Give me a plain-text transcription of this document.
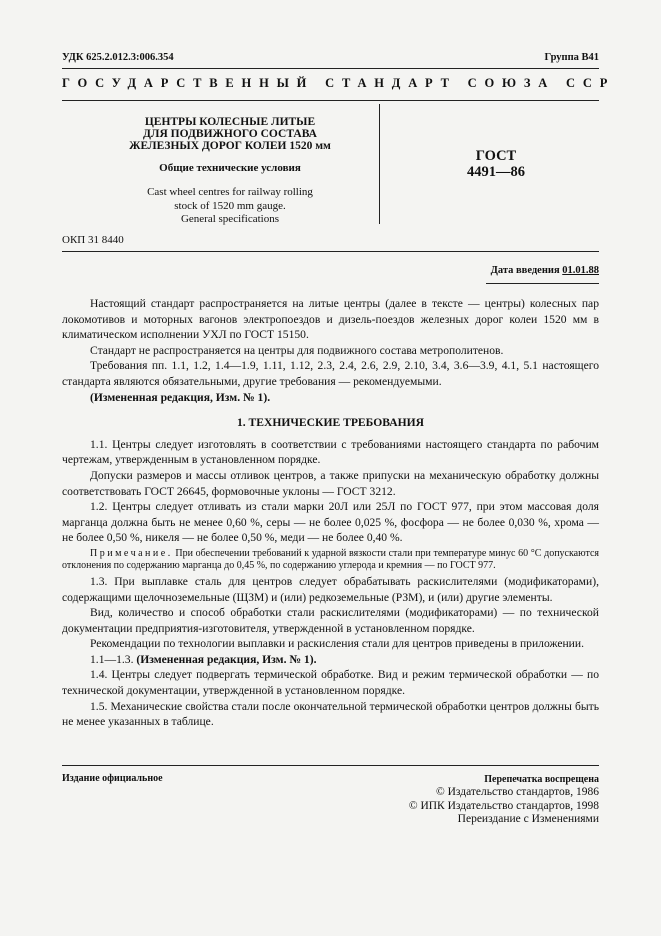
УДК 625.2.012.3:006.354	Группа В41
ГОСУДАРСТВЕННЫЙ СТАНДАРТ СОЮЗА ССР
ЦЕНТРЫ КОЛЕСНЫЕ ЛИТЫЕ
ДЛЯ ПОДВИЖНОГО СОСТАВА
ЖЕЛЕЗНЫХ ДОРОГ КОЛЕИ 1520 мм
Общие технические условия
Cast wheel centres for railway rolling
stock of 1520 mm gauge.
General specifications
ГОСТ
4491—86
ОКП 31 8440
Дата введения 01.01.88

Настоящий стандарт распространяется на литые центры (далее в тексте — центры) колесных пар локомотивов и моторных вагонов электропоездов и дизель-поездов железных дорог колеи 1520 мм в климатическом исполнении УХЛ по ГОСТ 15150.

Стандарт не распространяется на центры для подвижного состава метрополитенов.

Требования пп. 1.1, 1.2, 1.4—1.9, 1.11, 1.12, 2.3, 2.4, 2.6, 2.9, 2.10, 3.4, 3.6—3.9, 4.1, 5.1 настоящего стандарта являются обязательными, другие требования — рекомендуемыми.

(Измененная редакция, Изм. № 1).

1. ТЕХНИЧЕСКИЕ ТРЕБОВАНИЯ

1.1. Центры следует изготовлять в соответствии с требованиями настоящего стандарта по рабочим чертежам, утвержденным в установленном порядке.

Допуски размеров и массы отливок центров, а также припуски на механическую обработку должны соответствовать ГОСТ 26645, формовочные уклоны — ГОСТ 3212.

1.2. Центры следует отливать из стали марки 20Л или 25Л по ГОСТ 977, при этом массовая доля марганца должна быть не менее 0,60 %, серы — не более 0,025 %, фосфора — не более 0,030 %, хрома — не более 0,50 %, никеля — не более 0,50 %, меди — не более 0,40 %.

Примечание. При обеспечении требований к ударной вязкости стали при температуре минус 60 °С допускаются отклонения по содержанию марганца до 0,45 %, по содержанию углерода и кремния — по ГОСТ 977.

1.3. При выплавке сталь для центров следует обрабатывать раскислителями (модификаторами), содержащими щелочноземельные (ЩЗМ) и (или) редкоземельные (РЗМ), и (или) другие элементы.

Вид, количество и способ обработки стали раскислителями (модификаторами) — по технической документации предприятия-изготовителя, утвержденной в установленном порядке.

Рекомендации по технологии выплавки и раскисления стали для центров приведены в приложении.

1.1—1.3. (Измененная редакция, Изм. № 1).

1.4. Центры следует подвергать термической обработке. Вид и режим термической обработки — по технической документации, утвержденной в установленном порядке.

1.5. Механические свойства стали после окончательной термической обработки центров должны быть не менее указанных в таблице.

Издание официальное	Перепечатка воспрещена
© Издательство стандартов, 1986
© ИПК Издательство стандартов, 1998
Переиздание с Изменениями
